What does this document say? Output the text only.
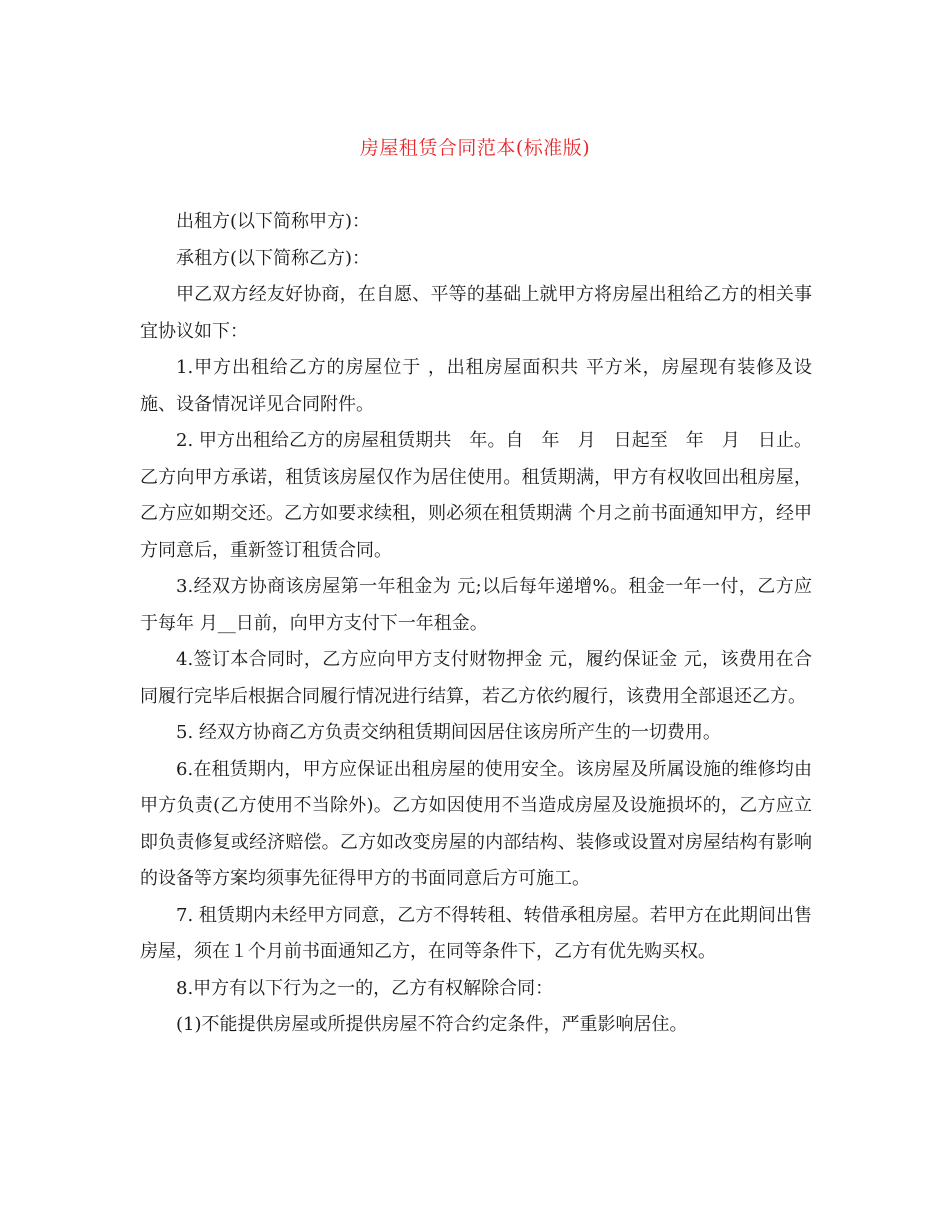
房屋租赁合同范本(标准版)

出租方(以下简称甲方)：

承租方(以下简称乙方)：

甲乙双方经友好协商，在自愿、平等的基础上就甲方将房屋出租给乙方的相关事宜协议如下：

1.甲方出租给乙方的房屋位于 ，出租房屋面积共 平方米，房屋现有装修及设施、设备情况详见合同附件。

2. 甲方出租给乙方的房屋租赁期共　年。自　年　月　日起至　年　月　日止。乙方向甲方承诺，租赁该房屋仅作为居住使用。租赁期满，甲方有权收回出租房屋，乙方应如期交还。乙方如要求续租，则必须在租赁期满 个月之前书面通知甲方，经甲方同意后，重新签订租赁合同。

3.经双方协商该房屋第一年租金为 元;以后每年递增%。租金一年一付，乙方应于每年 月__日前，向甲方支付下一年租金。

4.签订本合同时，乙方应向甲方支付财物押金 元，履约保证金 元，该费用在合同履行完毕后根据合同履行情况进行结算，若乙方依约履行，该费用全部退还乙方。

5. 经双方协商乙方负责交纳租赁期间因居住该房所产生的一切费用。

6.在租赁期内，甲方应保证出租房屋的使用安全。该房屋及所属设施的维修均由甲方负责(乙方使用不当除外)。乙方如因使用不当造成房屋及设施损坏的，乙方应立即负责修复或经济赔偿。乙方如改变房屋的内部结构、装修或设置对房屋结构有影响的设备等方案均须事先征得甲方的书面同意后方可施工。

7. 租赁期内未经甲方同意，乙方不得转租、转借承租房屋。若甲方在此期间出售房屋，须在１个月前书面通知乙方，在同等条件下，乙方有优先购买权。

8.甲方有以下行为之一的，乙方有权解除合同：

(1)不能提供房屋或所提供房屋不符合约定条件，严重影响居住。
